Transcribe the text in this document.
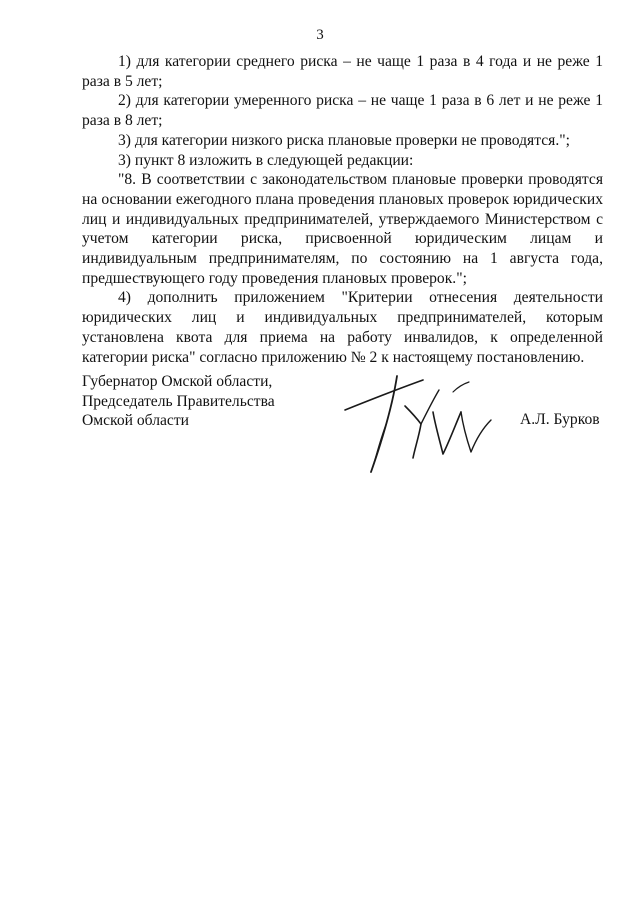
3

1) для категории среднего риска – не чаще 1 раза в 4 года и не реже 1 раза в 5 лет;

2) для категории умеренного риска – не чаще 1 раза в 6 лет и не реже 1 раза в 8 лет;

3) для категории низкого риска плановые проверки не проводятся.";

3) пункт 8 изложить в следующей редакции:

"8. В соответствии с законодательством плановые проверки проводятся на основании ежегодного плана проведения плановых проверок юридических лиц и индивидуальных предпринимателей, утверждаемого Министерством с учетом категории риска, присвоенной юридическим лицам и индивидуальным предпринимателям, по состоянию на 1 августа года, предшествующего году проведения плановых проверок.";

4) дополнить приложением "Критерии отнесения деятельности юридических лиц и индивидуальных предпринимателей, которым установлена квота для приема на работу инвалидов, к определенной категории риска" согласно приложению № 2 к настоящему постановлению.

Губернатор Омской области,
Председатель Правительства
Омской области	А.Л. Бурков
